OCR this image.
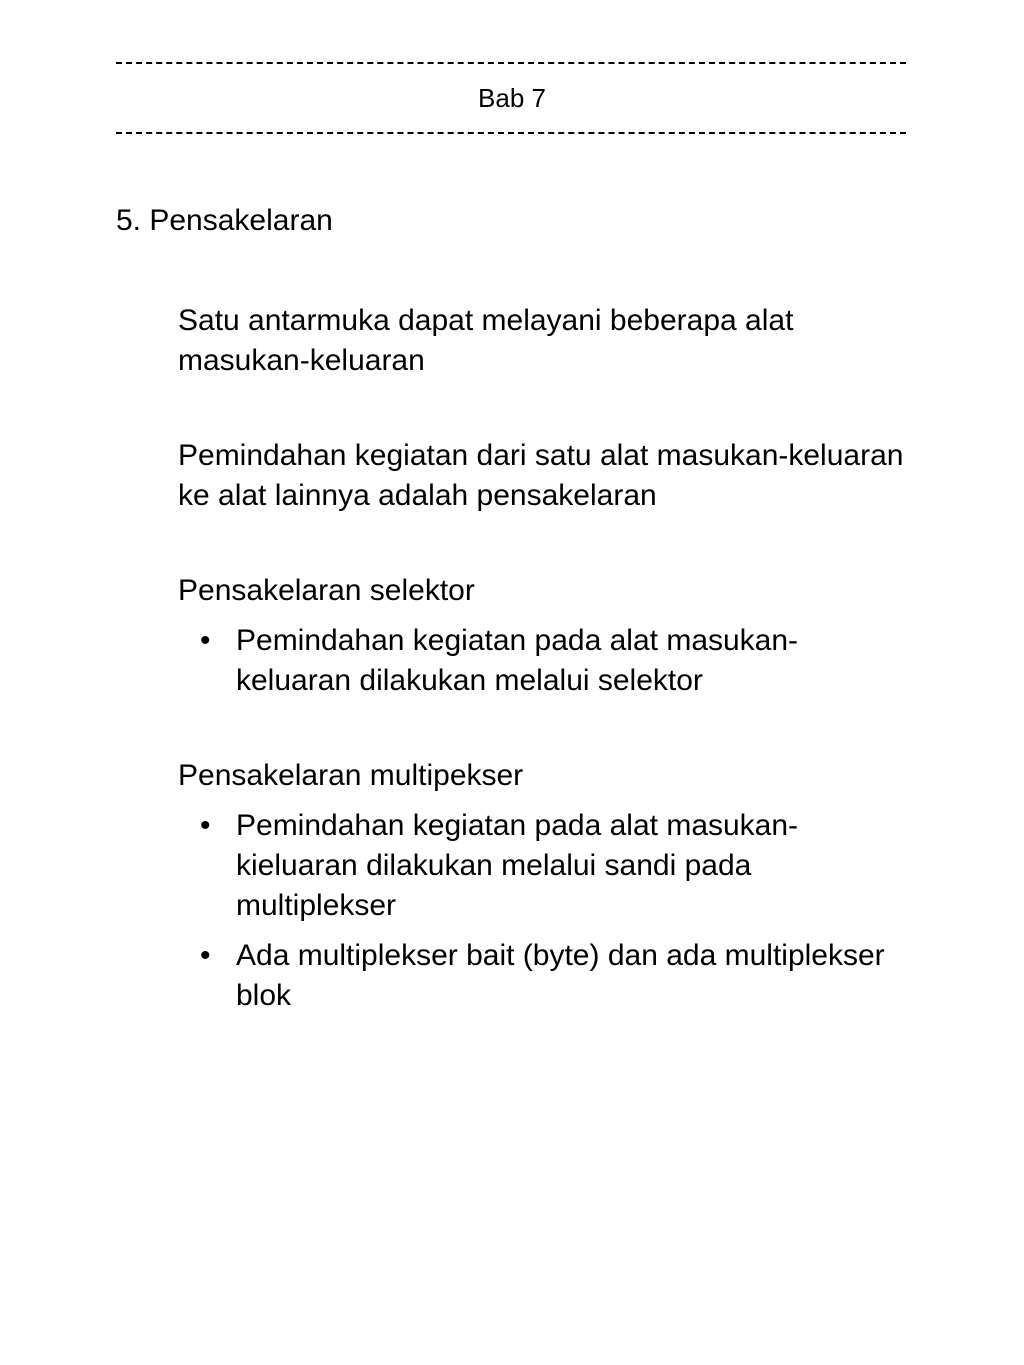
Bab 7
5. Pensakelaran
Satu antarmuka dapat melayani beberapa alat masukan-keluaran
Pemindahan kegiatan dari satu alat masukan-keluaran ke alat lainnya adalah pensakelaran
Pensakelaran selektor
• Pemindahan kegiatan pada alat masukan-keluaran dilakukan melalui selektor
Pensakelaran multipekser
• Pemindahan kegiatan pada alat masukan-kieluaran dilakukan melalui sandi pada multiplekser
• Ada multiplekser bait (byte) dan ada multiplekser blok
